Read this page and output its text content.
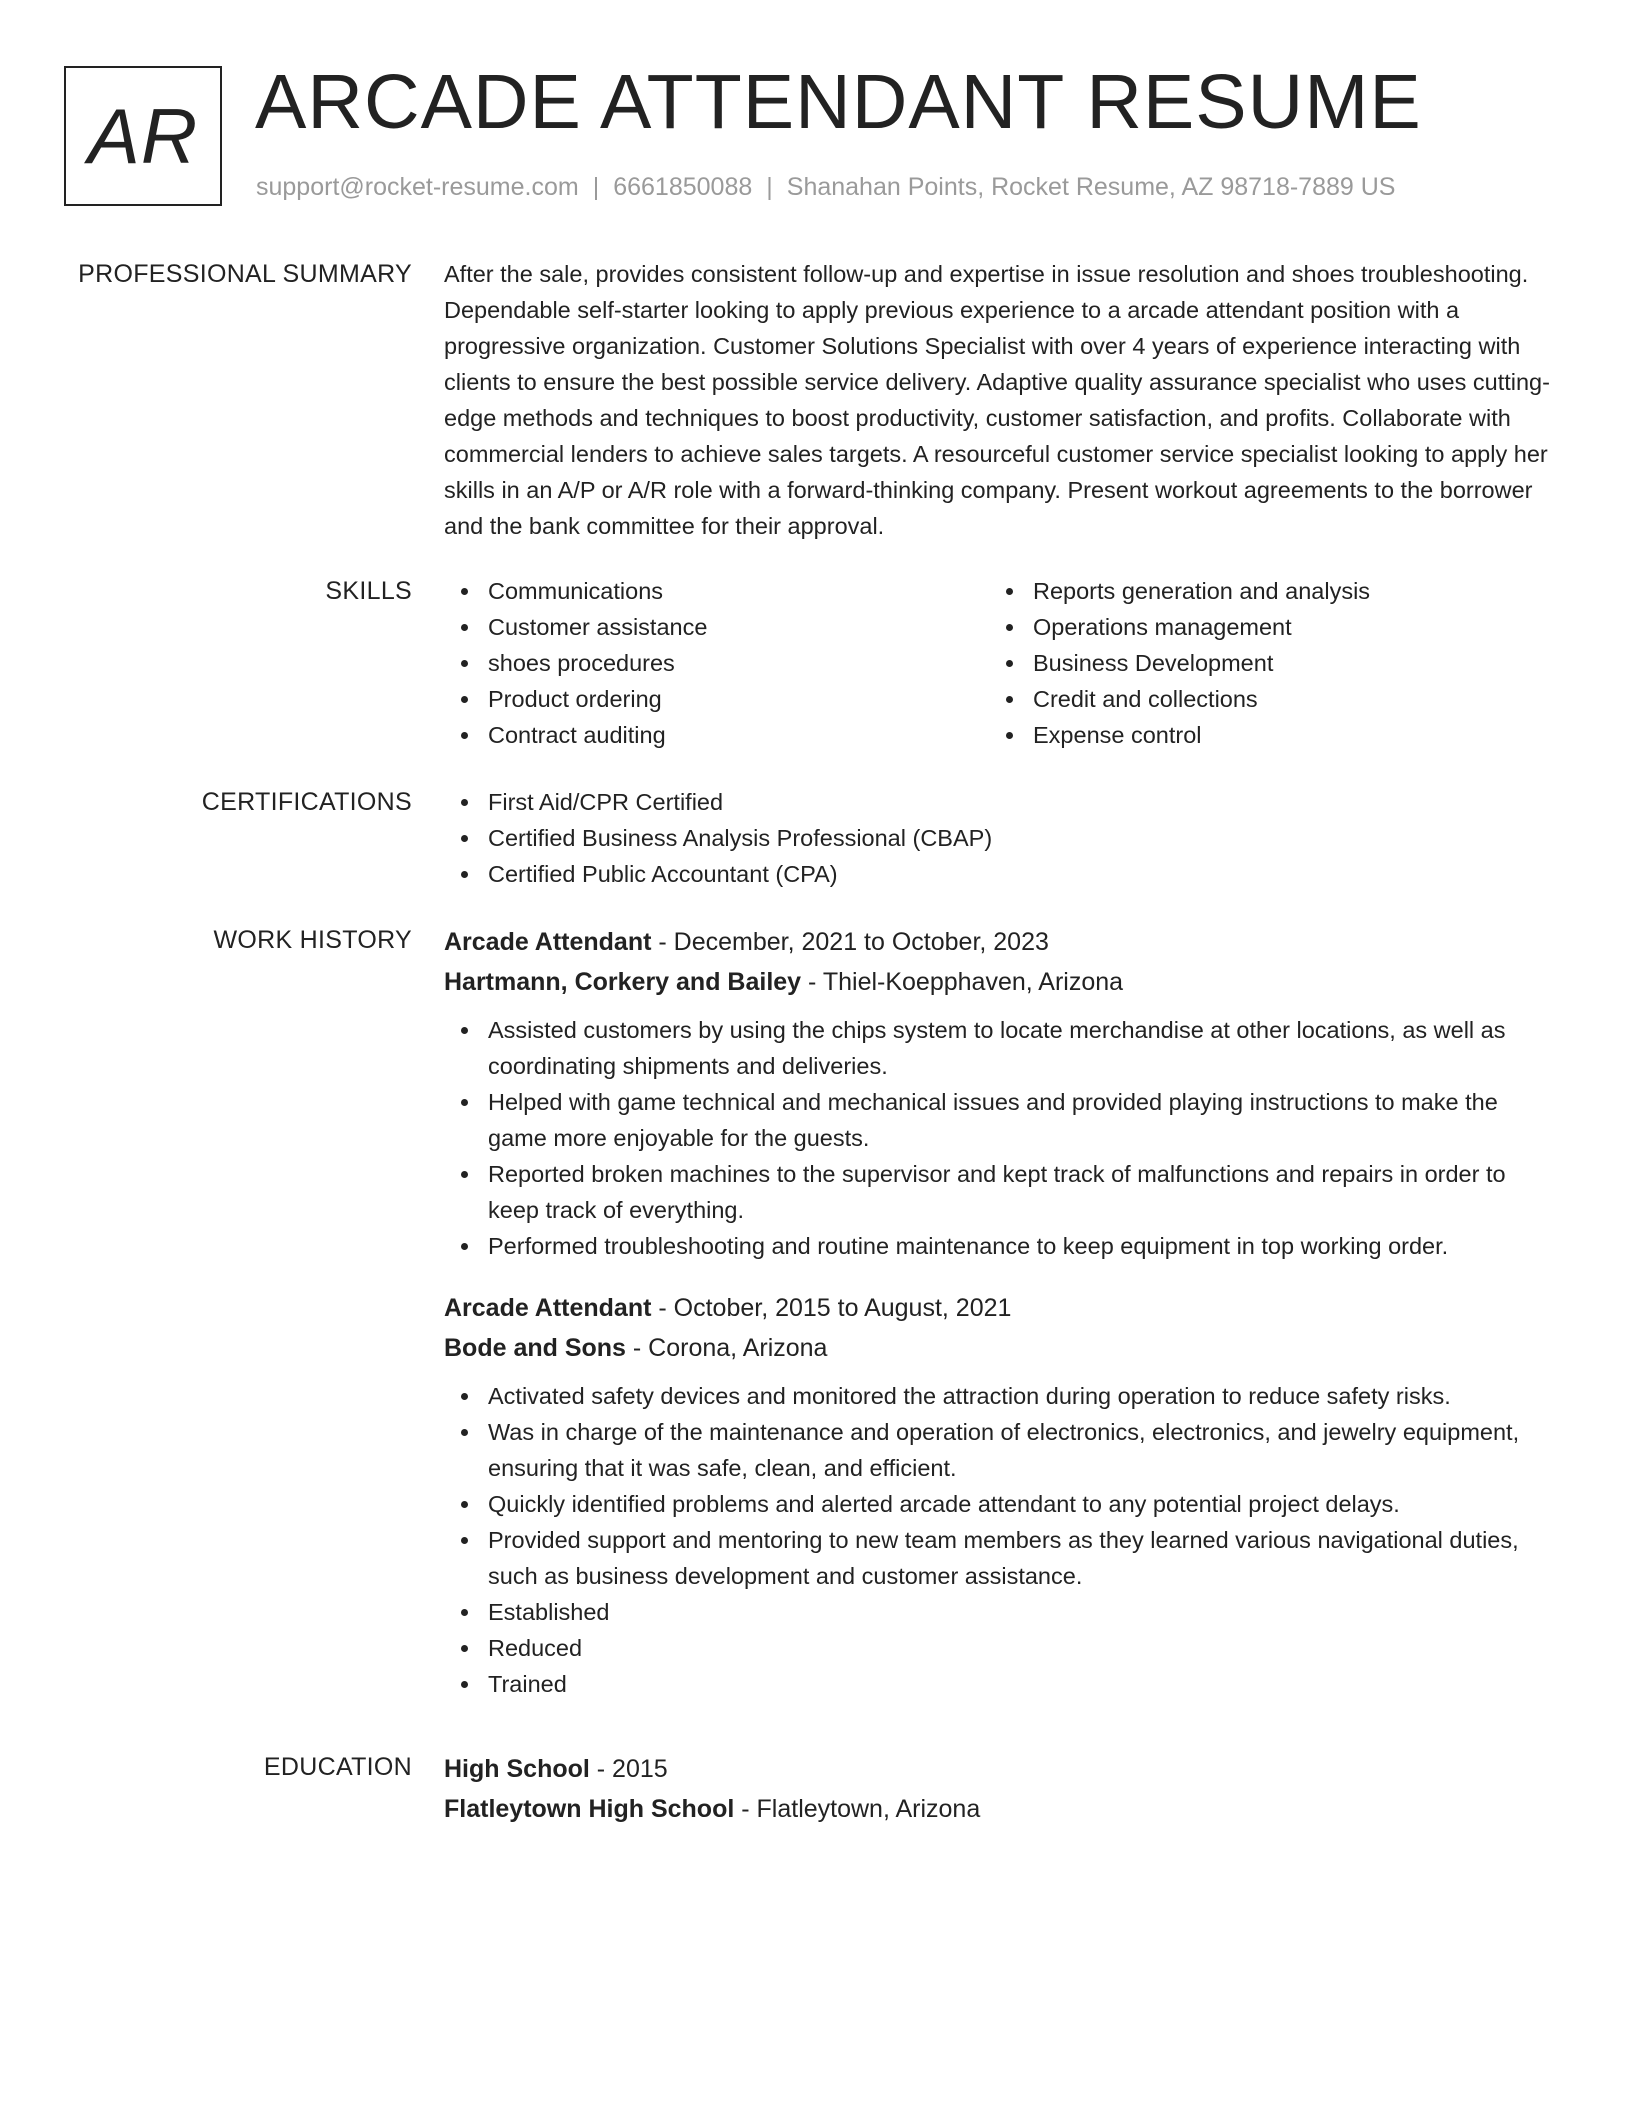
AR ARCADE ATTENDANT RESUME
support@rocket-resume.com | 6661850088 | Shanahan Points, Rocket Resume, AZ 98718-7889 US
PROFESSIONAL SUMMARY After the sale, provides consistent follow-up and expertise in issue resolution and shoes troubleshooting. Dependable self-starter looking to apply previous experience to a arcade attendant position with a progressive organization. Customer Solutions Specialist with over 4 years of experience interacting with clients to ensure the best possible service delivery. Adaptive quality assurance specialist who uses cutting-edge methods and techniques to boost productivity, customer satisfaction, and profits. Collaborate with commercial lenders to achieve sales targets. A resourceful customer service specialist looking to apply her skills in an A/P or A/R role with a forward-thinking company. Present workout agreements to the borrower and the bank committee for their approval.

SKILLS	Communications
Customer assistance
shoes procedures
Product ordering
Contract auditing
Reports generation and analysis
Operations management
Business Development
Credit and collections
Expense control
CERTIFICATIONS	First Aid/CPR Certified
Certified Business Analysis Professional (CBAP)
Certified Public Accountant (CPA)
WORK HISTORY Arcade Attendant - December, 2021 to October, 2023
Hartmann, Corkery and Bailey - Thiel-Koepphaven, Arizona
Assisted customers by using the chips system to locate merchandise at other locations, as well as coordinating shipments and deliveries.
Helped with game technical and mechanical issues and provided playing instructions to make the game more enjoyable for the guests.
Reported broken machines to the supervisor and kept track of malfunctions and repairs in order to keep track of everything.
Performed troubleshooting and routine maintenance to keep equipment in top working order.
Arcade Attendant - October, 2015 to August, 2021
Bode and Sons - Corona, Arizona
Activated safety devices and monitored the attraction during operation to reduce safety risks.
Was in charge of the maintenance and operation of electronics, electronics, and jewelry equipment, ensuring that it was safe, clean, and efficient.
Quickly identified problems and alerted arcade attendant to any potential project delays.
Provided support and mentoring to new team members as they learned various navigational duties, such as business development and customer assistance.
Established
Reduced
Trained
EDUCATION High School - 2015
Flatleytown High School - Flatleytown, Arizona
